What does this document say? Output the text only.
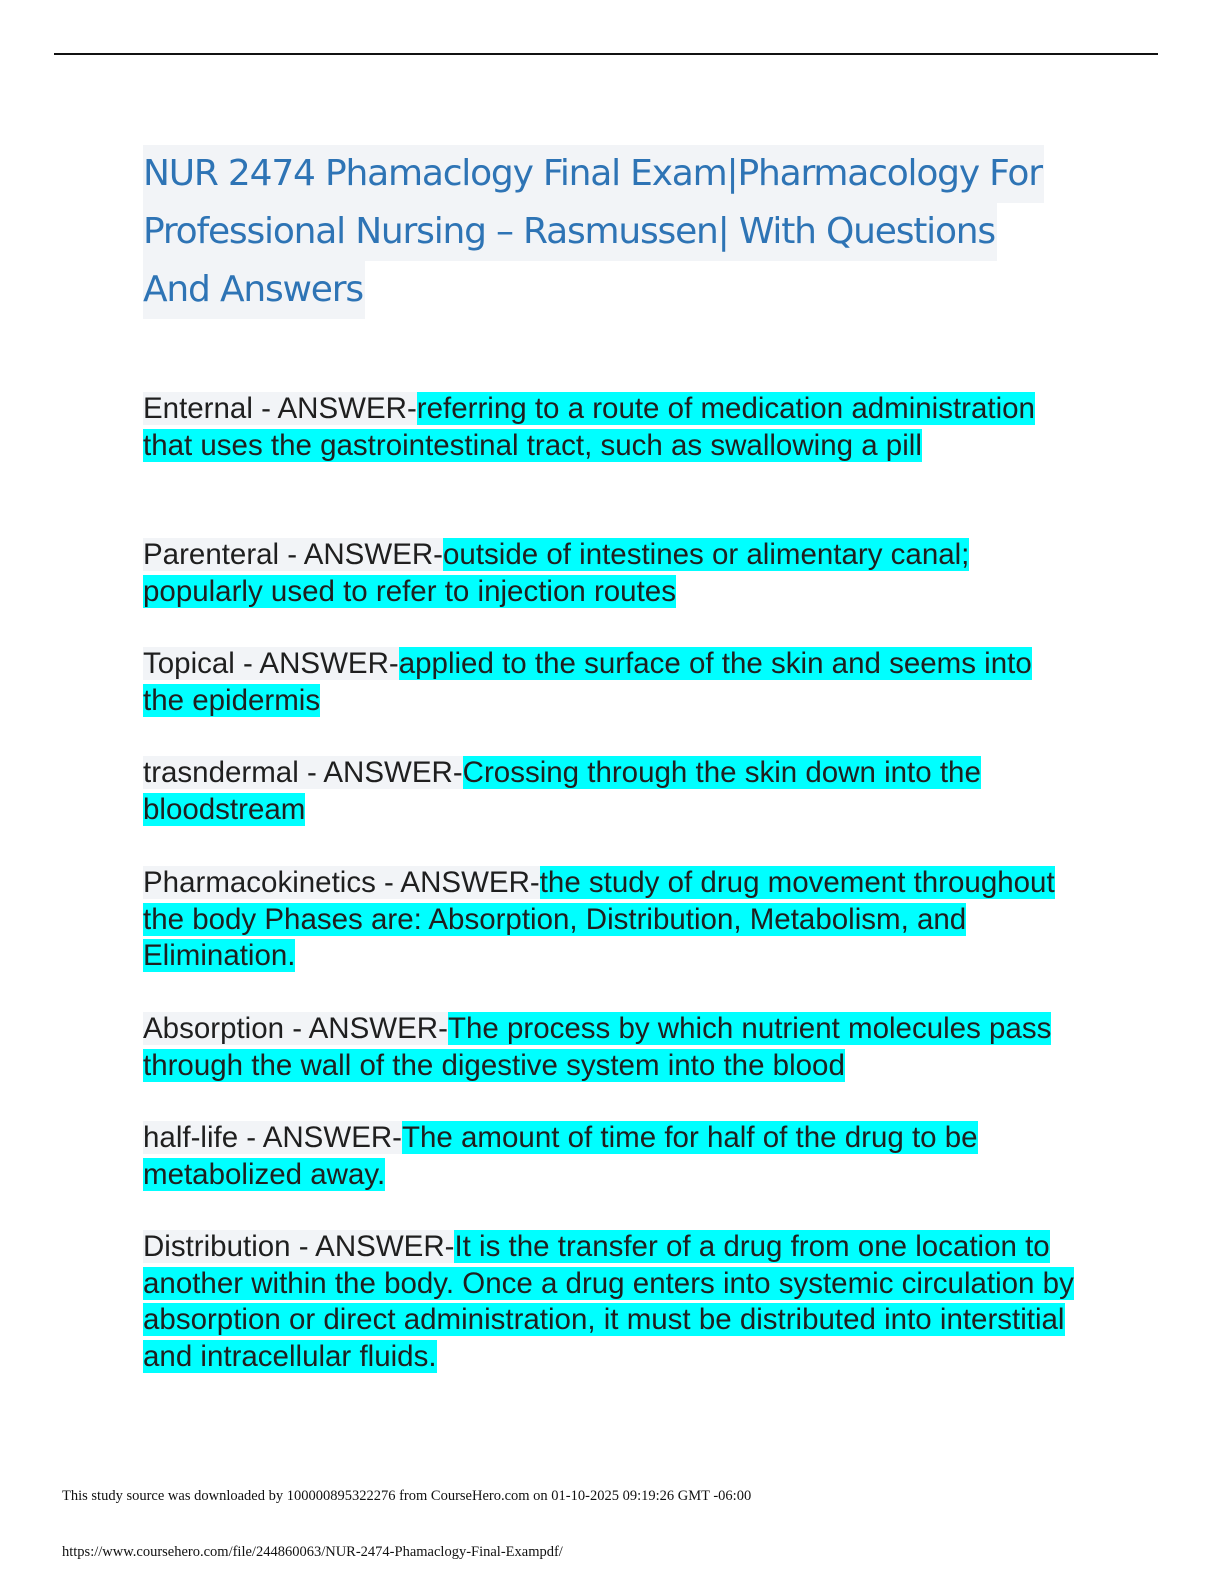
NUR 2474 Phamaclogy Final Exam|Pharmacology For
Professional Nursing – Rasmussen| With Questions
And Answers

Enternal - ANSWER-referring to a route of medication administration that uses the gastrointestinal tract, such as swallowing a pill

Parenteral - ANSWER-outside of intestines or alimentary canal; popularly used to refer to injection routes

Topical - ANSWER-applied to the surface of the skin and seems into the epidermis

trasndermal - ANSWER-Crossing through the skin down into the bloodstream

Pharmacokinetics - ANSWER-the study of drug movement throughout the body Phases are: Absorption, Distribution, Metabolism, and Elimination.

Absorption - ANSWER-The process by which nutrient molecules pass through the wall of the digestive system into the blood

half-life - ANSWER-The amount of time for half of the drug to be metabolized away.

Distribution - ANSWER-It is the transfer of a drug from one location to another within the body. Once a drug enters into systemic circulation by absorption or direct administration, it must be distributed into interstitial and intracellular fluids.

This study source was downloaded by 100000895322276 from CourseHero.com on 01-10-2025 09:19:26 GMT -06:00

https://www.coursehero.com/file/244860063/NUR-2474-Phamaclogy-Final-Exampdf/
